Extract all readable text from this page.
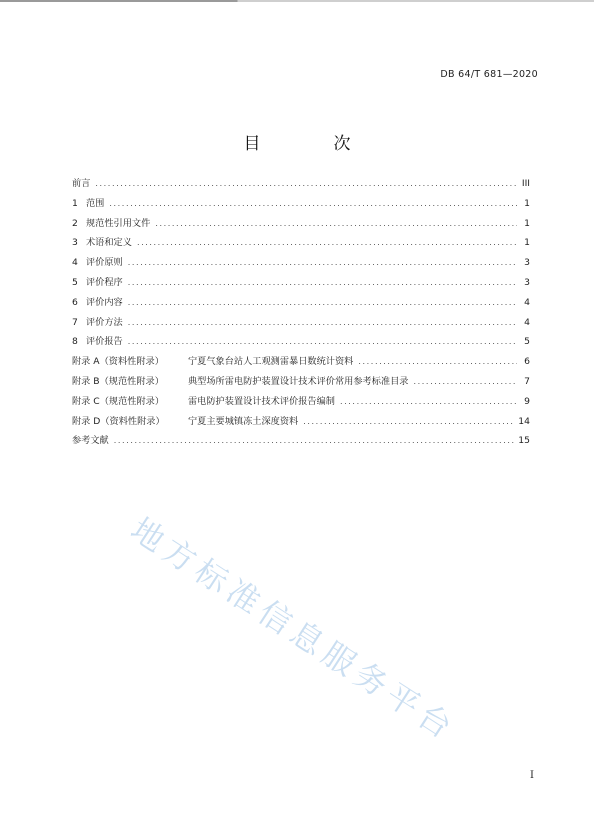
DB 64/T 681—2020
目　次
前言 .....	III
1 范围 .....	1
2 规范性引用文件 .....	1
3 术语和定义 .....	1
4 评价原则 .....	3
5 评价程序 .....	3
6 评价内容 .....	4
7 评价方法 .....	4
8 评价报告 .....	5
附录 A（资料性附录）	宁夏气象台站人工观测雷暴日数统计资料 .....	6
附录 B（规范性附录）	典型场所雷电防护装置设计技术评价常用参考标准目录 .....	7
附录 C（规范性附录）	雷电防护装置设计技术评价报告编制 .....	9
附录 D（资料性附录）	宁夏主要城镇冻土深度资料 .....	14
参考文献 .....	15
地方标准信息服务平台
I
